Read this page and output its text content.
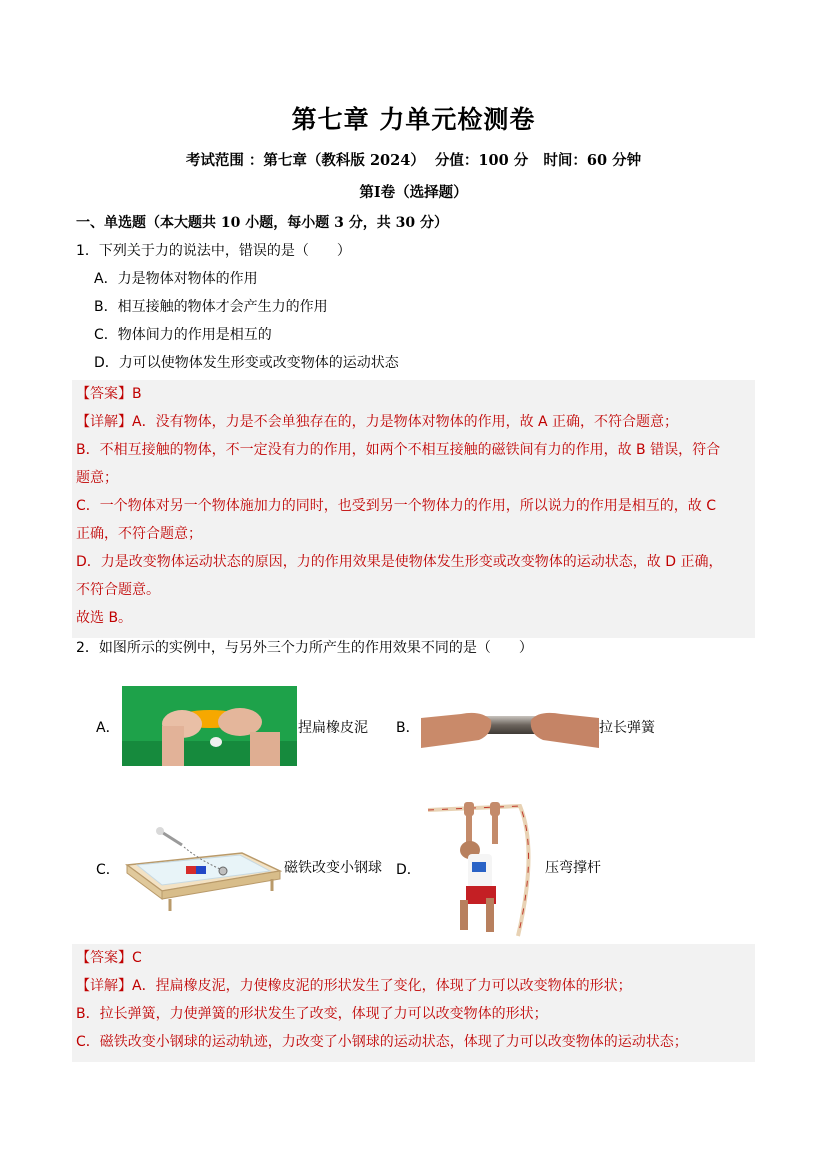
第七章 力单元检测卷
考试范围 ：第七章（教科版 2024）  分值：100 分   时间：60 分钟
第Ⅰ卷（选择题）
一、单选题（本大题共 10 小题，每小题 3 分，共 30 分）
1．下列关于力的说法中，错误的是（　　）
A．力是物体对物体的作用
B．相互接触的物体才会产生力的作用
C．物体间力的作用是相互的
D．力可以使物体发生形变或改变物体的运动状态
【答案】B
【详解】A．没有物体，力是不会单独存在的，力是物体对物体的作用，故 A 正确，不符合题意；
B．不相互接触的物体，不一定没有力的作用，如两个不相互接触的磁铁间有力的作用，故 B 错误，符合
题意；
C．一个物体对另一个物体施加力的同时，也受到另一个物体力的作用，所以说力的作用是相互的，故 C
正确，不符合题意；
D．力是改变物体运动状态的原因，力的作用效果是使物体发生形变或改变物体的运动状态，故 D 正确，
不符合题意。
故选 B。
2．如图所示的实例中，与另外三个力所产生的作用效果不同的是（　　）
A．	捏扁橡皮泥 B．	拉长弹簧
C．	磁铁改变小钢球 D．	压弯撑杆
【答案】C
【详解】A．捏扁橡皮泥，力使橡皮泥的形状发生了变化，体现了力可以改变物体的形状；
B．拉长弹簧，力使弹簧的形状发生了改变，体现了力可以改变物体的形状；
C．磁铁改变小钢球的运动轨迹，力改变了小钢球的运动状态，体现了力可以改变物体的运动状态；
